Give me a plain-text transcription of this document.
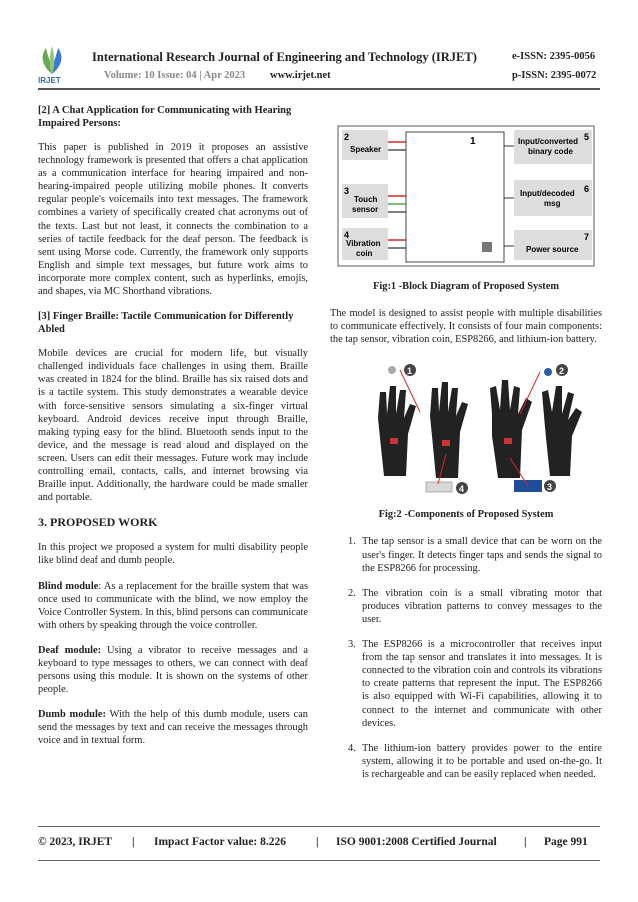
IRJET
International Research Journal of Engineering and Technology (IRJET)	e-ISSN: 2395-0056
Volume: 10 Issue: 04 | Apr 2023 www.irjet.net	p-ISSN: 2395-0072
[2] A Chat Application for Communicating with Hearing Impaired Persons:
This paper is published in 2019 it proposes an assistive technology framework is presented that offers a chat application as a communication interface for hearing impaired and non-hearing-impaired people utilizing mobile phones. It converts regular people's voicemails into text messages. The framework combines a variety of specifically created chat acronyms out of the texts. Last but not least, it connects the combination to a series of tactile feedback for the deaf person. The feedback is sent using Morse code. Currently, the framework only supports English and simple text messages, but future work aims to incorporate more complex content, such as hyperlinks, emojis, and shapes, via MC Shorthand vibrations.
[3] Finger Braille: Tactile Communication for Differently Abled
Mobile devices are crucial for modern life, but visually challenged individuals face challenges in using them. Braille was created in 1824 for the blind. Braille has six raised dots and is a tactile system. This study demonstrates a wearable device with force-sensitive sensors simulating a six-finger virtual keyboard. Android devices receive input through Braille, making typing easy for the blind. Bluetooth sends input to the device, and the message is read aloud and displayed on the screen. Users can edit their messages. Future work may include controlling email, contacts, calls, and internet browsing via Braille input. Additionally, the hardware could be made smaller and portable.
3. PROPOSED WORK
In this project we proposed a system for multi disability people like blind deaf and dumb people.
Blind module: As a replacement for the braille system that was once used to communicate with the blind, we now employ the Voice Controller System. In this, blind persons can communicate with others by speaking through the voice controller.
Deaf module: Using a vibrator to receive messages and a keyboard to type messages to others, we can connect with deaf persons using this module. It is shown on the systems of other people.
Dumb module: With the help of this dumb module, users can send the messages by text and can receive the messages through voice and in textual form.
1
2
Speaker
3
Touch
sensor
4
Vibration
coin
5
Input/converted
binary code
6
Input/decoded
msg
7
Power source
Fig:1 -Block Diagram of Proposed System
The model is designed to assist people with multiple disabilities to communicate effectively. It consists of four main components: the tap sensor, vibration coin, ESP8266, and lithium-ion battery.
1	2
3
4
Fig:2 -Components of Proposed System
1. The tap sensor is a small device that can be worn on the user's finger. It detects finger taps and sends the signal to the ESP8266 for processing.
2. The vibration coin is a small vibrating motor that produces vibration patterns to convey messages to the user.
3. The ESP8266 is a microcontroller that receives input from the tap sensor and translates it into messages. It is connected to the vibration coin and controls its vibrations to create patterns that represent the input. The ESP8266 is also equipped with Wi-Fi capabilities, allowing it to connect to the internet and communicate with other devices.
4. The lithium-ion battery provides power to the entire system, allowing it to be portable and used on-the-go. It is rechargeable and can be easily replaced when needed.
© 2023, IRJET | Impact Factor value: 8.226	| ISO 9001:2008 Certified Journal | Page 991
